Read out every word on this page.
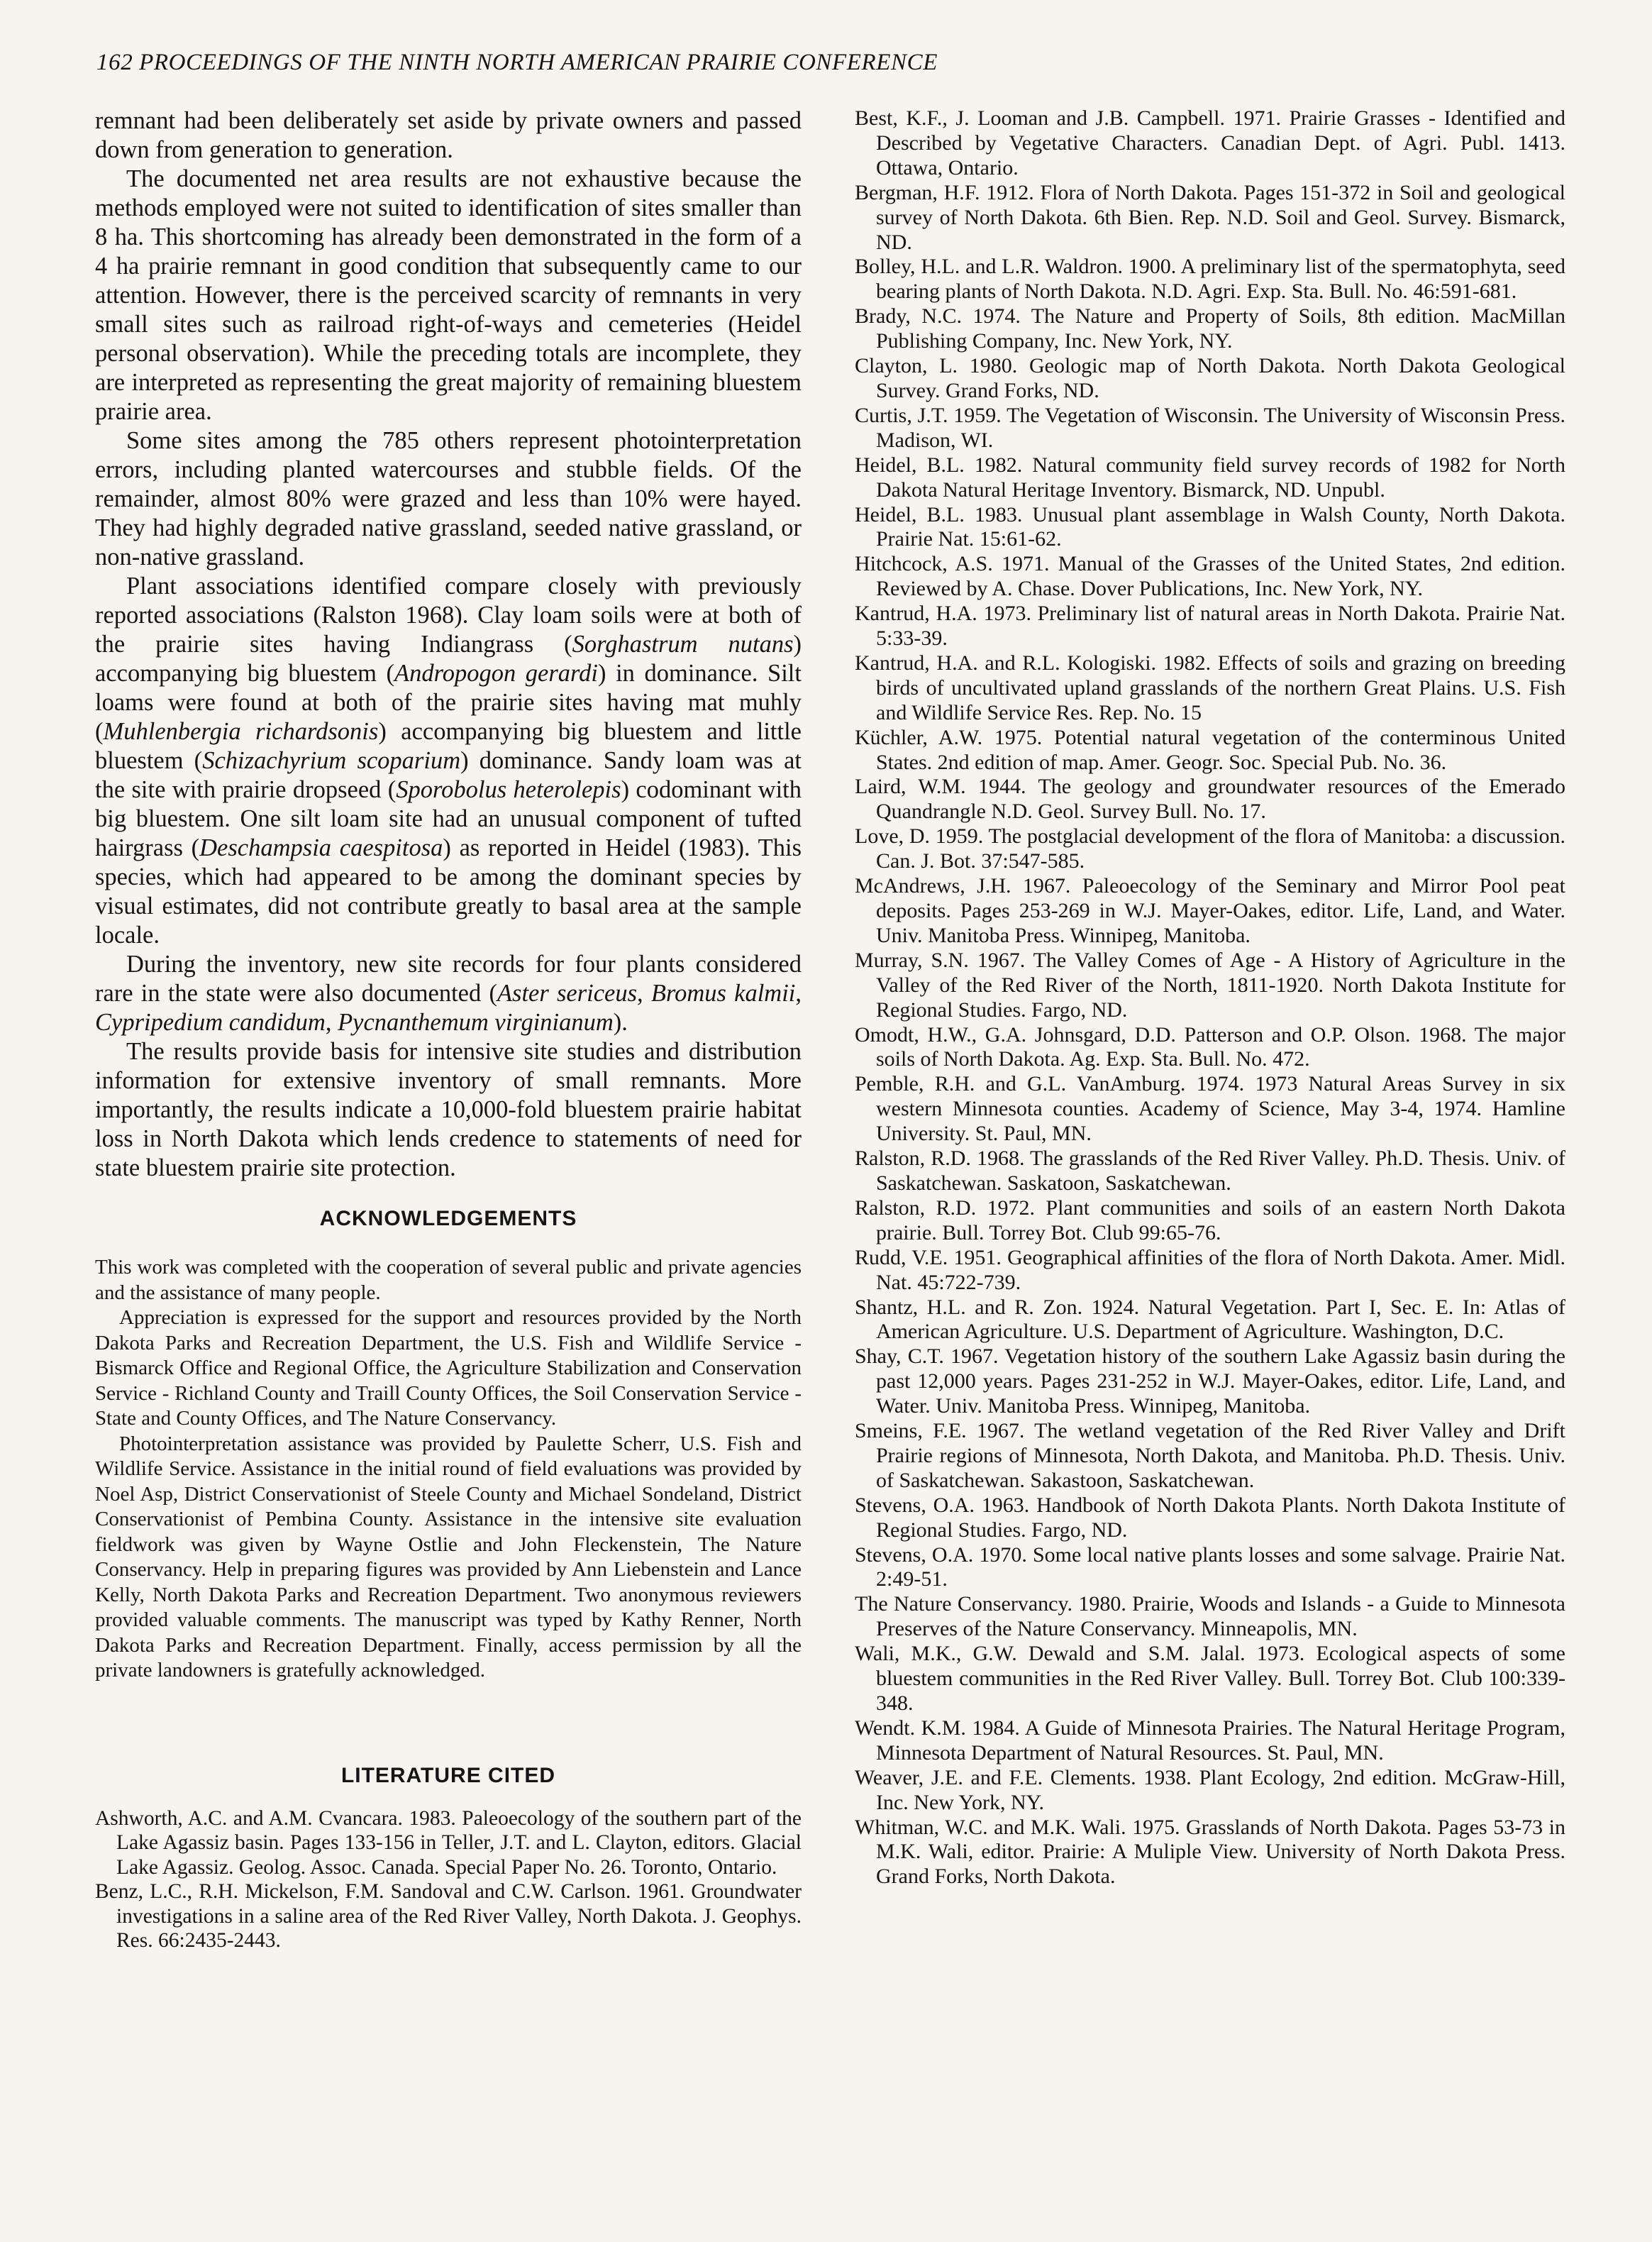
162 PROCEEDINGS OF THE NINTH NORTH AMERICAN PRAIRIE CONFERENCE

remnant had been deliberately set aside by private owners and passed down from generation to generation.

The documented net area results are not exhaustive because the methods employed were not suited to identification of sites smaller than 8 ha. This shortcoming has already been demonstrated in the form of a 4 ha prairie remnant in good condition that subsequently came to our attention. However, there is the perceived scarcity of remnants in very small sites such as railroad right-of-ways and cemeteries (Heidel personal observation). While the preceding totals are incomplete, they are interpreted as representing the great majority of remaining bluestem prairie area.

Some sites among the 785 others represent photointerpretation errors, including planted watercourses and stubble fields. Of the remainder, almost 80% were grazed and less than 10% were hayed. They had highly degraded native grassland, seeded native grassland, or non-native grassland.

Plant associations identified compare closely with previously reported associations (Ralston 1968). Clay loam soils were at both of the prairie sites having Indiangrass (Sorghastrum nutans) accompanying big bluestem (Andropogon gerardi) in dominance. Silt loams were found at both of the prairie sites having mat muhly (Muhlenbergia richardsonis) accompanying big bluestem and little bluestem (Schizachyrium scoparium) dominance. Sandy loam was at the site with prairie dropseed (Sporobolus heterolepis) codominant with big bluestem. One silt loam site had an unusual component of tufted hairgrass (Deschampsia caespitosa) as reported in Heidel (1983). This species, which had appeared to be among the dominant species by visual estimates, did not contribute greatly to basal area at the sample locale.

During the inventory, new site records for four plants considered rare in the state were also documented (Aster sericeus, Bromus kalmii, Cypripedium candidum, Pycnanthemum virginianum).

The results provide basis for intensive site studies and distribution information for extensive inventory of small remnants. More importantly, the results indicate a 10,000-fold bluestem prairie habitat loss in North Dakota which lends credence to statements of need for state bluestem prairie site protection.

ACKNOWLEDGEMENTS

This work was completed with the cooperation of several public and private agencies and the assistance of many people.

Appreciation is expressed for the support and resources provided by the North Dakota Parks and Recreation Department, the U.S. Fish and Wildlife Service - Bismarck Office and Regional Office, the Agriculture Stabilization and Conservation Service - Richland County and Traill County Offices, the Soil Conservation Service - State and County Offices, and The Nature Conservancy.

Photointerpretation assistance was provided by Paulette Scherr, U.S. Fish and Wildlife Service. Assistance in the initial round of field evaluations was provided by Noel Asp, District Conservationist of Steele County and Michael Sondeland, District Conservationist of Pembina County. Assistance in the intensive site evaluation fieldwork was given by Wayne Ostlie and John Fleckenstein, The Nature Conservancy. Help in preparing figures was provided by Ann Liebenstein and Lance Kelly, North Dakota Parks and Recreation Department. Two anonymous reviewers provided valuable comments. The manuscript was typed by Kathy Renner, North Dakota Parks and Recreation Department. Finally, access permission by all the private landowners is gratefully acknowledged.

LITERATURE CITED

Ashworth, A.C. and A.M. Cvancara. 1983. Paleoecology of the southern part of the Lake Agassiz basin. Pages 133-156 in Teller, J.T. and L. Clayton, editors. Glacial Lake Agassiz. Geolog. Assoc. Canada. Special Paper No. 26. Toronto, Ontario.

Benz, L.C., R.H. Mickelson, F.M. Sandoval and C.W. Carlson. 1961. Groundwater investigations in a saline area of the Red River Valley, North Dakota. J. Geophys. Res. 66:2435-2443.

Best, K.F., J. Looman and J.B. Campbell. 1971. Prairie Grasses - Identified and Described by Vegetative Characters. Canadian Dept. of Agri. Publ. 1413. Ottawa, Ontario.

Bergman, H.F. 1912. Flora of North Dakota. Pages 151-372 in Soil and geological survey of North Dakota. 6th Bien. Rep. N.D. Soil and Geol. Survey. Bismarck, ND.

Bolley, H.L. and L.R. Waldron. 1900. A preliminary list of the spermatophyta, seed bearing plants of North Dakota. N.D. Agri. Exp. Sta. Bull. No. 46:591-681.

Brady, N.C. 1974. The Nature and Property of Soils, 8th edition. MacMillan Publishing Company, Inc. New York, NY.

Clayton, L. 1980. Geologic map of North Dakota. North Dakota Geological Survey. Grand Forks, ND.

Curtis, J.T. 1959. The Vegetation of Wisconsin. The University of Wisconsin Press. Madison, WI.

Heidel, B.L. 1982. Natural community field survey records of 1982 for North Dakota Natural Heritage Inventory. Bismarck, ND. Unpubl.

Heidel, B.L. 1983. Unusual plant assemblage in Walsh County, North Dakota. Prairie Nat. 15:61-62.

Hitchcock, A.S. 1971. Manual of the Grasses of the United States, 2nd edition. Reviewed by A. Chase. Dover Publications, Inc. New York, NY.

Kantrud, H.A. 1973. Preliminary list of natural areas in North Dakota. Prairie Nat. 5:33-39.

Kantrud, H.A. and R.L. Kologiski. 1982. Effects of soils and grazing on breeding birds of uncultivated upland grasslands of the northern Great Plains. U.S. Fish and Wildlife Service Res. Rep. No. 15

Küchler, A.W. 1975. Potential natural vegetation of the conterminous United States. 2nd edition of map. Amer. Geogr. Soc. Special Pub. No. 36.

Laird, W.M. 1944. The geology and groundwater resources of the Emerado Quandrangle N.D. Geol. Survey Bull. No. 17.

Love, D. 1959. The postglacial development of the flora of Manitoba: a discussion. Can. J. Bot. 37:547-585.

McAndrews, J.H. 1967. Paleoecology of the Seminary and Mirror Pool peat deposits. Pages 253-269 in W.J. Mayer-Oakes, editor. Life, Land, and Water. Univ. Manitoba Press. Winnipeg, Manitoba.

Murray, S.N. 1967. The Valley Comes of Age - A History of Agriculture in the Valley of the Red River of the North, 1811-1920. North Dakota Institute for Regional Studies. Fargo, ND.

Omodt, H.W., G.A. Johnsgard, D.D. Patterson and O.P. Olson. 1968. The major soils of North Dakota. Ag. Exp. Sta. Bull. No. 472.

Pemble, R.H. and G.L. VanAmburg. 1974. 1973 Natural Areas Survey in six western Minnesota counties. Academy of Science, May 3-4, 1974. Hamline University. St. Paul, MN.

Ralston, R.D. 1968. The grasslands of the Red River Valley. Ph.D. Thesis. Univ. of Saskatchewan. Saskatoon, Saskatchewan.

Ralston, R.D. 1972. Plant communities and soils of an eastern North Dakota prairie. Bull. Torrey Bot. Club 99:65-76.

Rudd, V.E. 1951. Geographical affinities of the flora of North Dakota. Amer. Midl. Nat. 45:722-739.

Shantz, H.L. and R. Zon. 1924. Natural Vegetation. Part I, Sec. E. In: Atlas of American Agriculture. U.S. Department of Agriculture. Washington, D.C.

Shay, C.T. 1967. Vegetation history of the southern Lake Agassiz basin during the past 12,000 years. Pages 231-252 in W.J. Mayer-Oakes, editor. Life, Land, and Water. Univ. Manitoba Press. Winnipeg, Manitoba.

Smeins, F.E. 1967. The wetland vegetation of the Red River Valley and Drift Prairie regions of Minnesota, North Dakota, and Manitoba. Ph.D. Thesis. Univ. of Saskatchewan. Sakastoon, Saskatchewan.

Stevens, O.A. 1963. Handbook of North Dakota Plants. North Dakota Institute of Regional Studies. Fargo, ND.

Stevens, O.A. 1970. Some local native plants losses and some salvage. Prairie Nat. 2:49-51.

The Nature Conservancy. 1980. Prairie, Woods and Islands - a Guide to Minnesota Preserves of the Nature Conservancy. Minneapolis, MN.

Wali, M.K., G.W. Dewald and S.M. Jalal. 1973. Ecological aspects of some bluestem communities in the Red River Valley. Bull. Torrey Bot. Club 100:339-348.

Wendt. K.M. 1984. A Guide of Minnesota Prairies. The Natural Heritage Program, Minnesota Department of Natural Resources. St. Paul, MN.

Weaver, J.E. and F.E. Clements. 1938. Plant Ecology, 2nd edition. McGraw-Hill, Inc. New York, NY.

Whitman, W.C. and M.K. Wali. 1975. Grasslands of North Dakota. Pages 53-73 in M.K. Wali, editor. Prairie: A Muliple View. University of North Dakota Press. Grand Forks, North Dakota.
